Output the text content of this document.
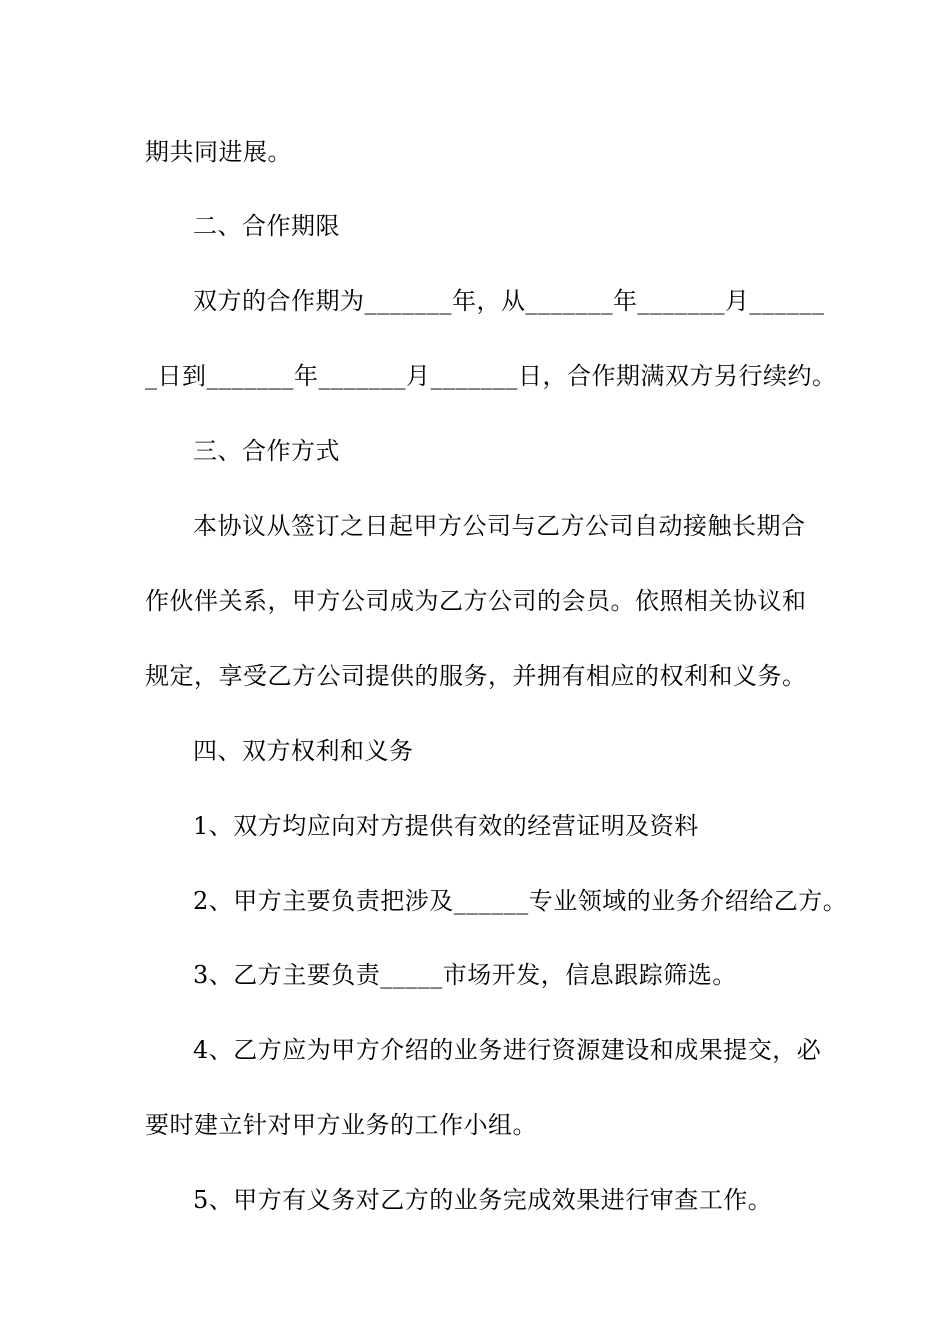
期共同进展。
二、合作期限
双方的合作期为_______年，从_______年_______月______
_日到_______年_______月_______日，合作期满双方另行续约。
三、合作方式
本协议从签订之日起甲方公司与乙方公司自动接触长期合
作伙伴关系，甲方公司成为乙方公司的会员。依照相关协议和
规定，享受乙方公司提供的服务，并拥有相应的权利和义务。
四、双方权利和义务
1、双方均应向对方提供有效的经营证明及资料
2、甲方主要负责把涉及______专业领域的业务介绍给乙方。
3、乙方主要负责_____市场开发，信息跟踪筛选。
4、乙方应为甲方介绍的业务进行资源建设和成果提交，必
要时建立针对甲方业务的工作小组。
5、甲方有义务对乙方的业务完成效果进行审查工作。
